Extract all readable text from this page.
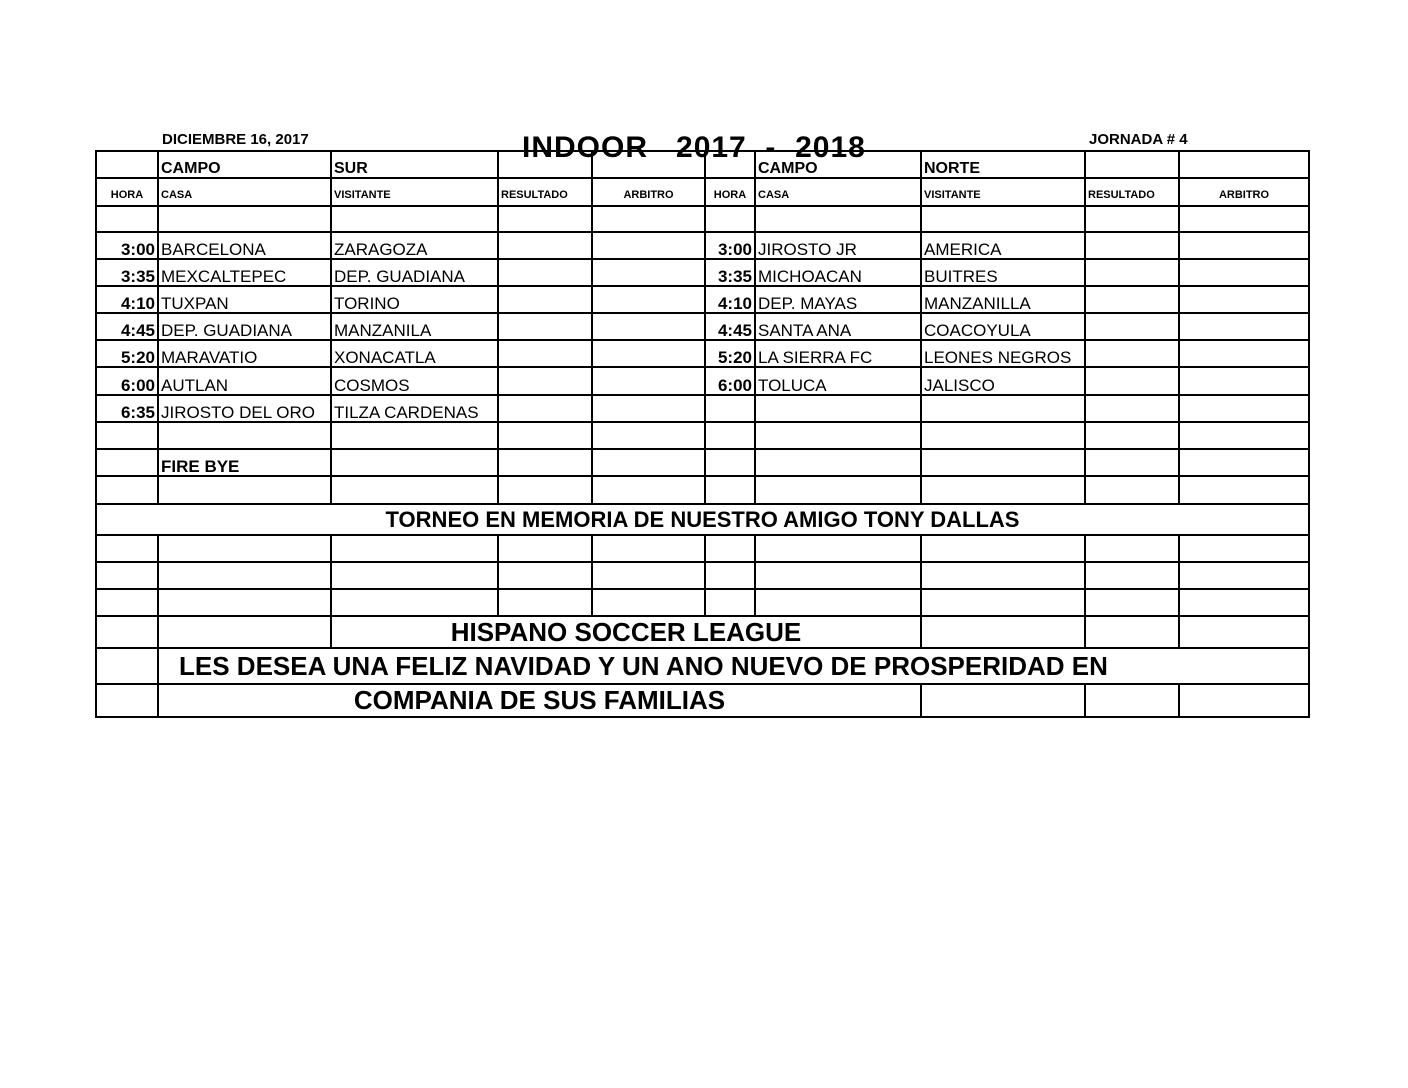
DICIEMBRE 16, 2017	INDOOR   2017  -  2018	JORNADA # 4
	CAMPO	SUR				CAMPO	NORTE		
HORA	CASA	VISITANTE	RESULTADO	ARBITRO	HORA	CASA	VISITANTE	RESULTADO	ARBITRO

3:00	BARCELONA	ZARAGOZA			3:00	JIROSTO JR	AMERICA		
3:35	MEXCALTEPEC	DEP. GUADIANA			3:35	MICHOACAN	BUITRES		
4:10	TUXPAN	TORINO			4:10	DEP. MAYAS	MANZANILLA		
4:45	DEP. GUADIANA	MANZANILA			4:45	SANTA ANA	COACOYULA		
5:20	MARAVATIO	XONACATLA			5:20	LA SIERRA FC	LEONES NEGROS		
6:00	AUTLAN	COSMOS			6:00	TOLUCA	JALISCO		
6:35	JIROSTO DEL ORO	TILZA CARDENAS							

	FIRE BYE								

TORNEO EN MEMORIA DE NUESTRO AMIGO TONY DALLAS									

		HISPANO SOCCER LEAGUE							
	LES DESEA UNA FELIZ NAVIDAD Y UN ANO NUEVO DE PROSPERIDAD EN								
	COMPANIA DE SUS FAMILIAS								
